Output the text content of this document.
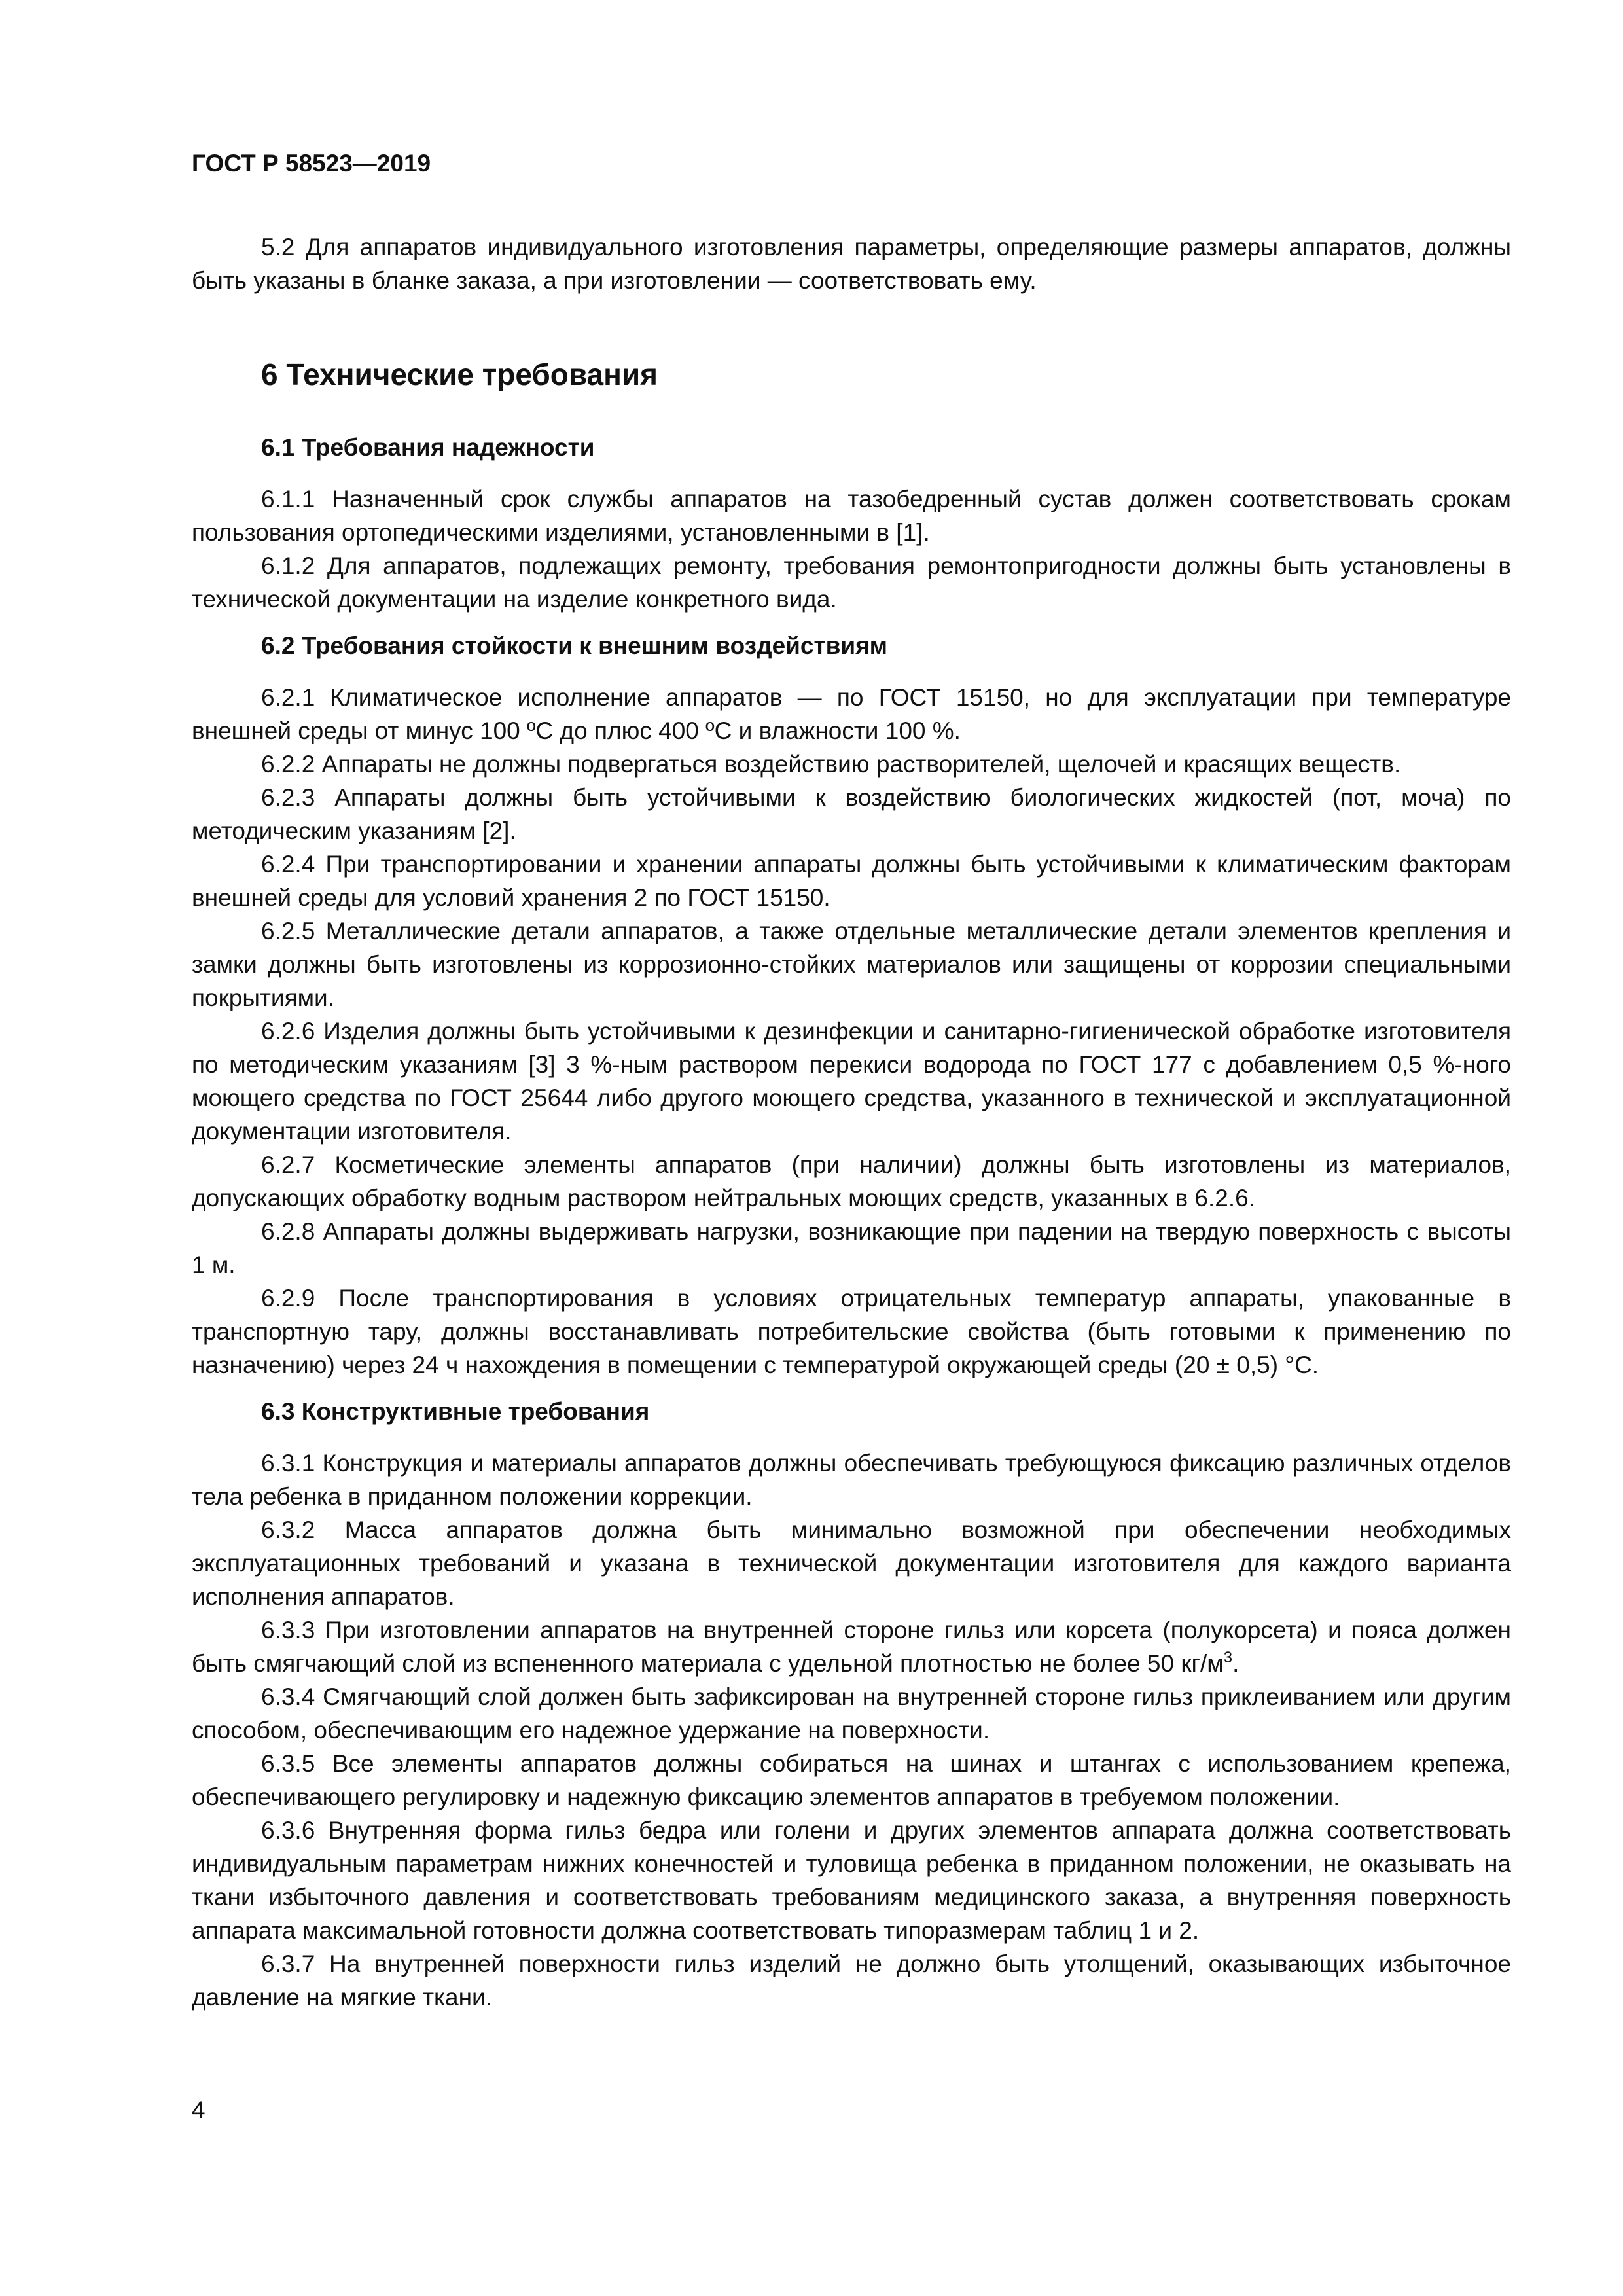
ГОСТ Р 58523—2019

5.2 Для аппаратов индивидуального изготовления параметры, определяющие размеры аппаратов, должны быть указаны в бланке заказа, а при изготовлении — соответствовать ему.

6 Технические требования
6.1 Требования надежности

6.1.1 Назначенный срок службы аппаратов на тазобедренный сустав должен соответствовать срокам пользования ортопедическими изделиями, установленными в [1].

6.1.2 Для аппаратов, подлежащих ремонту, требования ремонтопригодности должны быть установлены в технической документации на изделие конкретного вида.

6.2 Требования стойкости к внешним воздействиям

6.2.1 Климатическое исполнение аппаратов — по ГОСТ 15150, но для эксплуатации при температуре внешней среды от минус 100 ºС до плюс 400 ºС и влажности 100 %.

6.2.2 Аппараты не должны подвергаться воздействию растворителей, щелочей и красящих веществ.

6.2.3 Аппараты должны быть устойчивыми к воздействию биологических жидкостей (пот, моча) по методическим указаниям [2].

6.2.4 При транспортировании и хранении аппараты должны быть устойчивыми к климатическим факторам внешней среды для условий хранения 2 по ГОСТ 15150.

6.2.5 Металлические детали аппаратов, а также отдельные металлические детали элементов крепления и замки должны быть изготовлены из коррозионно-стойких материалов или защищены от коррозии специальными покрытиями.

6.2.6 Изделия должны быть устойчивыми к дезинфекции и санитарно-гигиенической обработке изготовителя по методическим указаниям [3] 3 %-ным раствором перекиси водорода по ГОСТ 177 с добавлением 0,5 %-ного моющего средства по ГОСТ 25644 либо другого моющего средства, указанного в технической и эксплуатационной документации изготовителя.

6.2.7 Косметические элементы аппаратов (при наличии) должны быть изготовлены из материалов, допускающих обработку водным раствором нейтральных моющих средств, указанных в 6.2.6.

6.2.8 Аппараты должны выдерживать нагрузки, возникающие при падении на твердую поверхность с высоты 1 м.

6.2.9 После транспортирования в условиях отрицательных температур аппараты, упакованные в транспортную тару, должны восстанавливать потребительские свойства (быть готовыми к применению по назначению) через 24 ч нахождения в помещении с температурой окружающей среды (20 ± 0,5) °С.

6.3 Конструктивные требования

6.3.1 Конструкция и материалы аппаратов должны обеспечивать требующуюся фиксацию различных отделов тела ребенка в приданном положении коррекции.

6.3.2 Масса аппаратов должна быть минимально возможной при обеспечении необходимых эксплуатационных требований и указана в технической документации изготовителя для каждого варианта исполнения аппаратов.

6.3.3 При изготовлении аппаратов на внутренней стороне гильз или корсета (полукорсета) и пояса должен быть смягчающий слой из вспененного материала с удельной плотностью не более 50 $кг/м^3$.

6.3.4 Смягчающий слой должен быть зафиксирован на внутренней стороне гильз приклеиванием или другим способом, обеспечивающим его надежное удержание на поверхности.

6.3.5 Все элементы аппаратов должны собираться на шинах и штангах с использованием крепежа, обеспечивающего регулировку и надежную фиксацию элементов аппаратов в требуемом положении.

6.3.6 Внутренняя форма гильз бедра или голени и других элементов аппарата должна соответствовать индивидуальным параметрам нижних конечностей и туловища ребенка в приданном положении, не оказывать на ткани избыточного давления и соответствовать требованиям медицинского заказа, а внутренняя поверхность аппарата максимальной готовности должна соответствовать типоразмерам таблиц 1 и 2.

6.3.7 На внутренней поверхности гильз изделий не должно быть утолщений, оказывающих избыточное давление на мягкие ткани.

4
